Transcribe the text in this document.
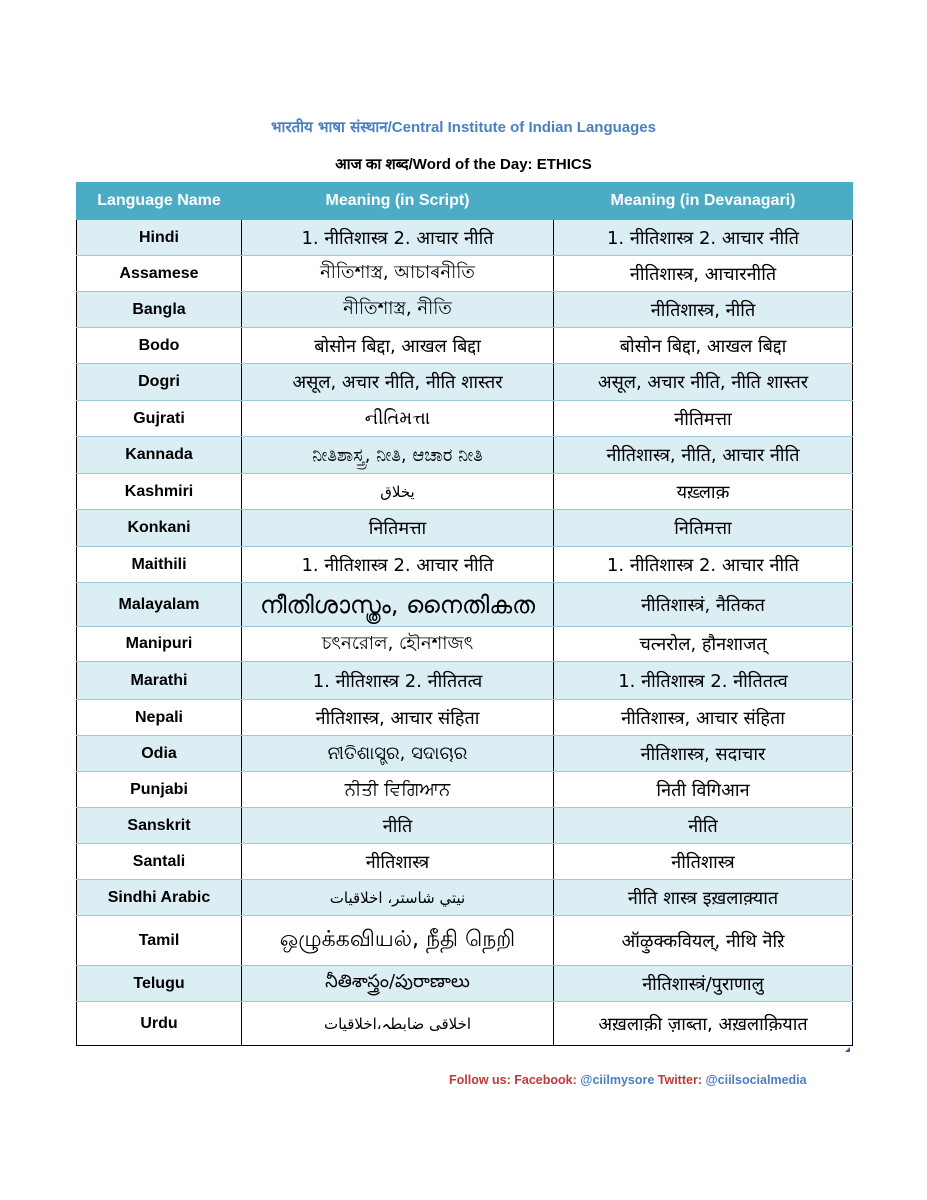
भारतीय भाषा संस्थान/Central Institute of Indian Languages
आज का शब्द/Word of the Day: ETHICS
Language Name	Meaning (in Script)	Meaning (in Devanagari)
Hindi	1. नीतिशास्त्र 2. आचार नीति	1. नीतिशास्त्र 2. आचार नीति
Assamese	নীতিশাস্ত্ৰ, আচাৰনীতি	नीतिशास्त्र, आचारनीति
Bangla	নীতিশাস্ত্র, নীতি	नीतिशास्त्र, नीति
Bodo	बोसोन बिद्दा, आखल बिद्दा	बोसोन बिद्दा, आखल बिद्दा
Dogri	असूल, अचार नीति, नीति शास्तर	असूल, अचार नीति, नीति शास्तर
Gujrati	નીતિમત્તા	नीतिमत्ता
Kannada	ನೀತಿಶಾಸ್ತ್ರ, ನೀತಿ, ಆಚಾರ ನೀತಿ	नीतिशास्त्र, नीति, आचार नीति
Kashmiri	یخلاق	यख़्लाक़
Konkani	नितिमत्ता	नितिमत्ता
Maithili	1. नीतिशास्त्र 2. आचार नीति	1. नीतिशास्त्र 2. आचार नीति
Malayalam	നീതിശാസ്ത്രം, നൈതികത	नीतिशास्त्रं, नैतिकत
Manipuri	চৎনরোল, হৌনশাজৎ	चत्नरोल, हौनशाजत्
Marathi	1. नीतिशास्त्र 2. नीतितत्व	1. नीतिशास्त्र 2. नीतितत्व
Nepali	नीतिशास्त्र, आचार संहिता	नीतिशास्त्र, आचार संहिता
Odia	ନୀତିଶାସ୍ତ୍ର, ସଦାଚାର	नीतिशास्त्र, सदाचार
Punjabi	ਨੀਤੀ ਵਿਗਿਆਨ	निती विगिआन
Sanskrit	नीति	नीति
Santali	नीतिशास्त्र	नीतिशास्त्र
Sindhi Arabic	نيتي شاستر، اخلاقيات	नीति शास्त्र इख़लाक़्यात
Tamil	ஒழுக்கவியல், நீதி நெறி	ऑऴुक्कवियल्, नीथि नॆऱि
Telugu	నీతిశాస్త్రం/పురాణాలు	नीतिशास्त्रं/पुराणालु
Urdu	اخلاقی ضابطہ،اخلاقیات	अख़लाक़ी ज़ाब्ता, अख़लाक़ियात
Follow us: Facebook: @ciilmysore Twitter: @ciilsocialmedia
